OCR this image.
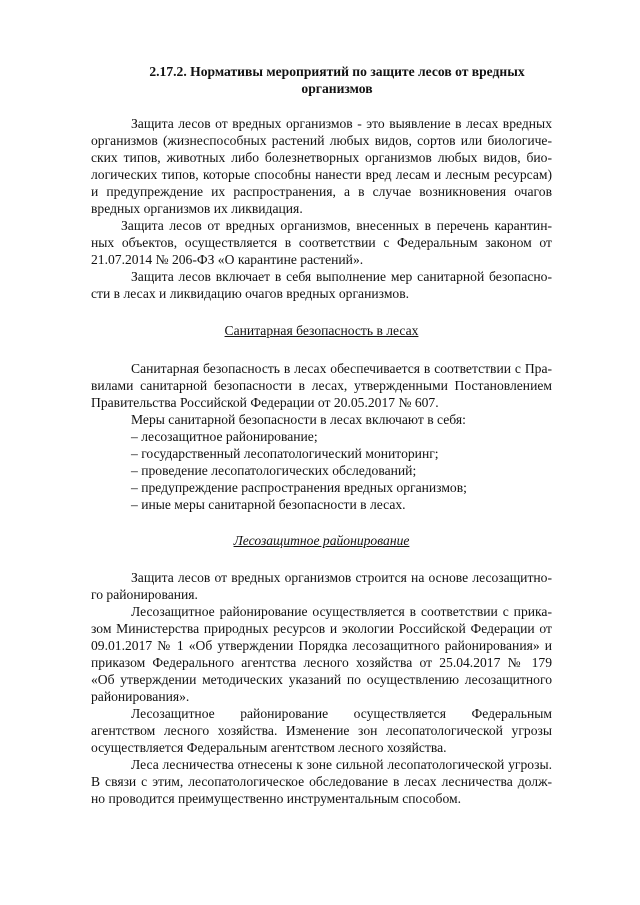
2.17.2. Нормативы мероприятий по защите лесов от вредных
организмов
Защита лесов от вредных организмов - это выявление в лесах вредных
организмов (жизнеспособных растений любых видов, сортов или биологиче-
ских типов, животных либо болезнетворных организмов любых видов, био-
логических типов, которые способны нанести вред лесам и лесным ресурсам)
и предупреждение их распространения, а в случае возникновения очагов
вредных организмов их ликвидация.
Защита лесов от вредных организмов, внесенных в перечень карантин-
ных объектов, осуществляется в соответствии с Федеральным законом от
21.07.2014 № 206-ФЗ «О карантине растений».
Защита лесов включает в себя выполнение мер санитарной безопасно-
сти в лесах и ликвидацию очагов вредных организмов.
Санитарная безопасность в лесах
Санитарная безопасность в лесах обеспечивается в соответствии с Пра-
вилами санитарной безопасности в лесах, утвержденными Постановлением
Правительства Российской Федерации от 20.05.2017 № 607.
Меры санитарной безопасности в лесах включают в себя:
– лесозащитное районирование;
– государственный лесопатологический мониторинг;
– проведение лесопатологических обследований;
– предупреждение распространения вредных организмов;
– иные меры санитарной безопасности в лесах.
Лесозащитное районирование
Защита лесов от вредных организмов строится на основе лесозащитно-
го районирования.
Лесозащитное районирование осуществляется в соответствии с прика-
зом Министерства природных ресурсов и экологии Российской Федерации от
09.01.2017 № 1 «Об утверждении Порядка лесозащитного районирования» и
приказом Федерального агентства лесного хозяйства от 25.04.2017 № 179
«Об утверждении методических указаний по осуществлению лесозащитного
районирования».
Лесозащитное районирование осуществляется Федеральным
агентством лесного хозяйства. Изменение зон лесопатологической угрозы
осуществляется Федеральным агентством лесного хозяйства.
Леса лесничества отнесены к зоне сильной лесопатологической угрозы.
В связи с этим, лесопатологическое обследование в лесах лесничества долж-
но проводится преимущественно инструментальным способом.
